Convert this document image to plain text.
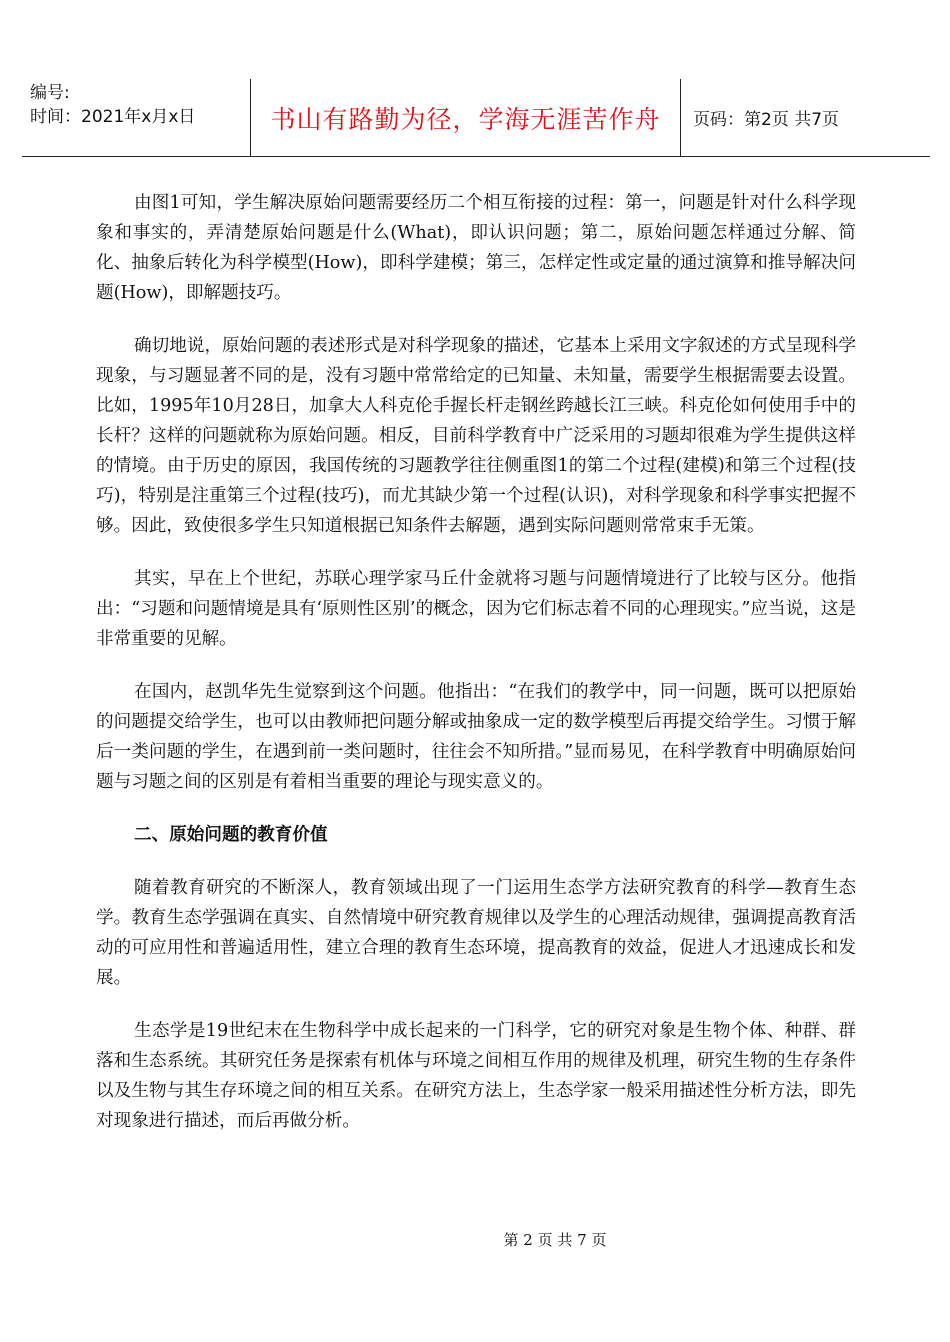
编号:
时间：2021年x月x日	书山有路勤为径，学海无涯苦作舟 页码：第2页 共7页

由图1可知，学生解决原始问题需要经历二个相互衔接的过程：第一，问题是针对什么科学现象和事实的，弄清楚原始问题是什么(What)，即认识问题；第二，原始问题怎样通过分解、简化、抽象后转化为科学模型(How)，即科学建模；第三，怎样定性或定量的通过演算和推导解决问题(How)，即解题技巧。

确切地说，原始问题的表述形式是对科学现象的描述，它基本上采用文字叙述的方式呈现科学现象，与习题显著不同的是，没有习题中常常给定的已知量、未知量，需要学生根据需要去设置。比如，1995年10月28日，加拿大人科克伦手握长杆走钢丝跨越长江三峡。科克伦如何使用手中的长杆？这样的问题就称为原始问题。相反，目前科学教育中广泛采用的习题却很难为学生提供这样的情境。由于历史的原因，我国传统的习题教学往往侧重图1的第二个过程(建模)和第三个过程(技巧)，特别是注重第三个过程(技巧)，而尤其缺少第一个过程(认识)，对科学现象和科学事实把握不够。因此，致使很多学生只知道根据已知条件去解题，遇到实际问题则常常束手无策。

其实，早在上个世纪，苏联心理学家马丘什金就将习题与问题情境进行了比较与区分。他指出：“习题和问题情境是具有‘原则性区别’的概念，因为它们标志着不同的心理现实。”应当说，这是非常重要的见解。

在国内，赵凯华先生觉察到这个问题。他指出：“在我们的教学中，同一问题，既可以把原始的问题提交给学生，也可以由教师把问题分解或抽象成一定的数学模型后再提交给学生。习惯于解后一类问题的学生，在遇到前一类问题时，往往会不知所措。”显而易见，在科学教育中明确原始问题与习题之间的区别是有着相当重要的理论与现实意义的。

二、原始问题的教育价值

随着教育研究的不断深人，教育领域出现了一门运用生态学方法研究教育的科学—教育生态学。教育生态学强调在真实、自然情境中研究教育规律以及学生的心理活动规律，强调提高教育活动的可应用性和普遍适用性，建立合理的教育生态环境，提高教育的效益，促进人才迅速成长和发展。

生态学是19世纪末在生物科学中成长起来的一门科学，它的研究对象是生物个体、种群、群落和生态系统。其研究任务是探索有机体与环境之间相互作用的规律及机理，研究生物的生存条件以及生物与其生存环境之间的相互关系。在研究方法上，生态学家一般采用描述性分析方法，即先对现象进行描述，而后再做分析。

第 2 页 共 7 页
